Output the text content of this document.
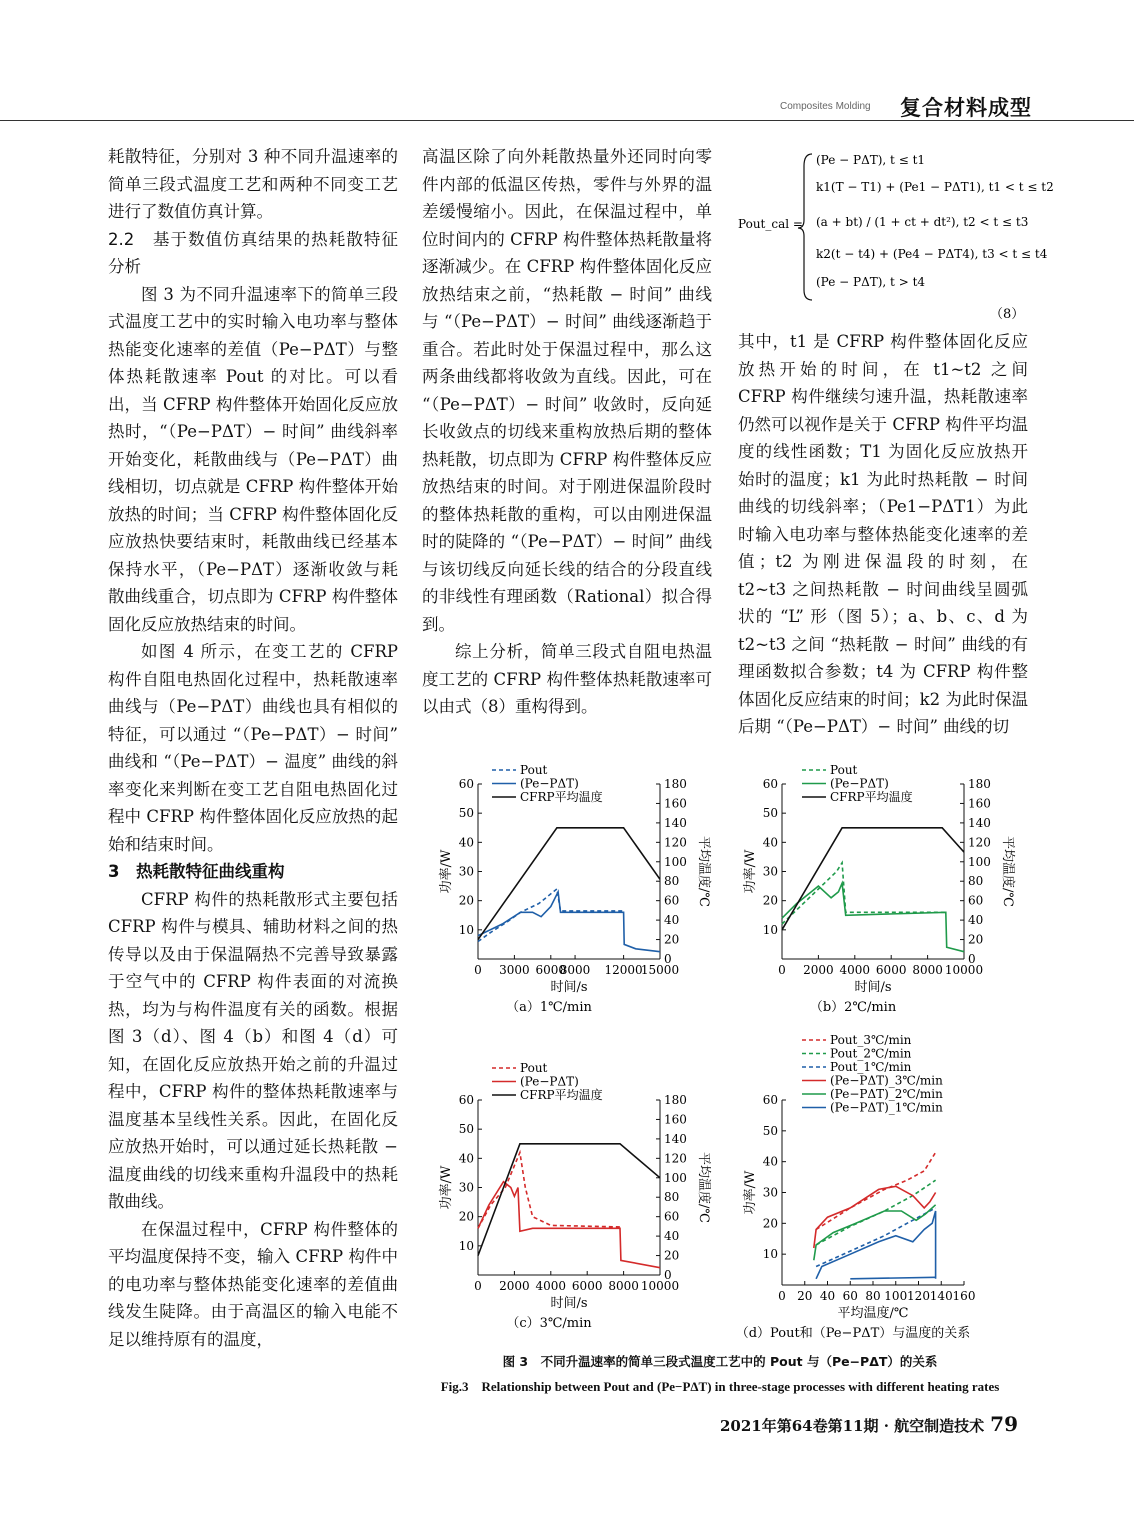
Composites Molding 复合材料成型

耗散特征，分别对 3 种不同升温速率的简单三段式温度工艺和两种不同变工艺进行了数值仿真计算。

2.2　基于数值仿真结果的热耗散特征分析

图 3 为不同升温速率下的简单三段式温度工艺中的实时输入电功率与整体热能变化速率的差值（Pe−PΔT）与整体热耗散速率 Pout 的对比。可以看出，当 CFRP 构件整体开始固化反应放热时，“（Pe−PΔT）− 时间” 曲线斜率开始变化，耗散曲线与（Pe−PΔT）曲线相切，切点就是 CFRP 构件整体开始放热的时间；当 CFRP 构件整体固化反应放热快要结束时，耗散曲线已经基本保持水平，（Pe−PΔT）逐渐收敛与耗散曲线重合，切点即为 CFRP 构件整体固化反应放热结束的时间。

如图 4 所示，在变工艺的 CFRP 构件自阻电热固化过程中，热耗散速率曲线与（Pe−PΔT）曲线也具有相似的特征，可以通过 “（Pe−PΔT）− 时间” 曲线和 “（Pe−PΔT）− 温度” 曲线的斜率变化来判断在变工艺自阻电热固化过程中 CFRP 构件整体固化反应放热的起始和结束时间。

3　热耗散特征曲线重构

CFRP 构件的热耗散形式主要包括 CFRP 构件与模具、辅助材料之间的热传导以及由于保温隔热不完善导致暴露于空气中的 CFRP 构件表面的对流换热，均为与构件温度有关的函数。根据图 3（d）、图 4（b）和图 4（d）可知，在固化反应放热开始之前的升温过程中，CFRP 构件的整体热耗散速率与温度基本呈线性关系。因此，在固化反应放热开始时，可以通过延长热耗散 − 温度曲线的切线来重构升温段中的热耗散曲线。

在保温过程中，CFRP 构件整体的平均温度保持不变，输入 CFRP 构件中的电功率与整体热能变化速率的差值曲线发生陡降。由于高温区的输入电能不足以维持原有的温度，

高温区除了向外耗散热量外还同时向零件内部的低温区传热，零件与外界的温差缓慢缩小。因此，在保温过程中，单位时间内的 CFRP 构件整体热耗散量将逐渐减少。在 CFRP 构件整体固化反应放热结束之前，“热耗散 − 时间” 曲线与 “（Pe−PΔT）− 时间” 曲线逐渐趋于重合。若此时处于保温过程中，那么这两条曲线都将收敛为直线。因此，可在 “（Pe−PΔT）− 时间” 收敛时，反向延长收敛点的切线来重构放热后期的整体热耗散，切点即为 CFRP 构件整体反应放热结束的时间。对于刚进保温阶段时的整体热耗散的重构，可以由刚进保温时的陡降的 “（Pe−PΔT）− 时间” 曲线与该切线反向延长线的结合的分段直线的非线性有理函数（Rational）拟合得到。

综上分析，简单三段式自阻电热温度工艺的 CFRP 构件整体热耗散速率可以由式（8）重构得到。

其中，t1 是 CFRP 构件整体固化反应放热开始的时间，在 t1~t2 之间 CFRP 构件继续匀速升温，热耗散速率仍然可以视作是关于 CFRP 构件平均温度的线性函数；T1 为固化反应放热开始时的温度；k1 为此时热耗散 − 时间曲线的切线斜率；（Pe1−PΔT1）为此时输入电功率与整体热能变化速率的差值；t2 为刚进保温段的时刻，在 t2~t3 之间热耗散 − 时间曲线呈圆弧状的 “L” 形（图 5）；a、b、c、d 为 t2~t3 之间 “热耗散 − 时间” 曲线的有理函数拟合参数；t4 为 CFRP 构件整体固化反应结束的时间；k2 为此时保温后期 “（Pe−PΔT）− 时间” 曲线的切

Pout_cal =
(Pe − PΔT), t ≤ t1
k1(T − T1) + (Pe1 − PΔT1), t1 < t ≤ t2
(a + bt) / (1 + ct + dt²), t2 < t ≤ t3
k2(t − t4) + (Pe4 − PΔT4), t3 < t ≤ t4
(Pe − PΔT), t > t4
（8）
10
20
30
40
50
60
0
20
40
60
80
100
120
140
160
180
0 3000 6000
8000 12000
15000
时间/s
功率/W	平均温度/℃
（a）1℃/min
Pout
(Pe−PΔT)
CFRP平均温度
10
20
30
40
50
60
0
20
40
60
80
100
120
140
160
180
0 2000 4000 6000 8000 10000
时间/s
功率/W	平均温度/℃
（b）2℃/min
Pout
(Pe−PΔT)
CFRP平均温度
10
20
30
40
50
60
0
20
40
60
80
100
120
140
160
180
0 2000 4000 6000 8000 10000
时间/s
功率/W	平均温度/℃
（c）3℃/min
Pout
(Pe−PΔT)
CFRP平均温度
10
20
30
40
50
60
0 20 40 60 80 100 120 140 160
平均温度/℃
功率/W
（d）Pout和（Pe−PΔT）与温度的关系
Pout_3℃/min
Pout_2℃/min
Pout_1℃/min
(Pe−PΔT)_3℃/min
(Pe−PΔT)_2℃/min
(Pe−PΔT)_1℃/min
图 3　不同升温速率的简单三段式温度工艺中的 Pout 与（Pe−PΔT）的关系
Fig.3　Relationship between Pout and (Pe−PΔT) in three-stage processes with different heating rates
2021年第64卷第11期 · 航空制造技术 79
